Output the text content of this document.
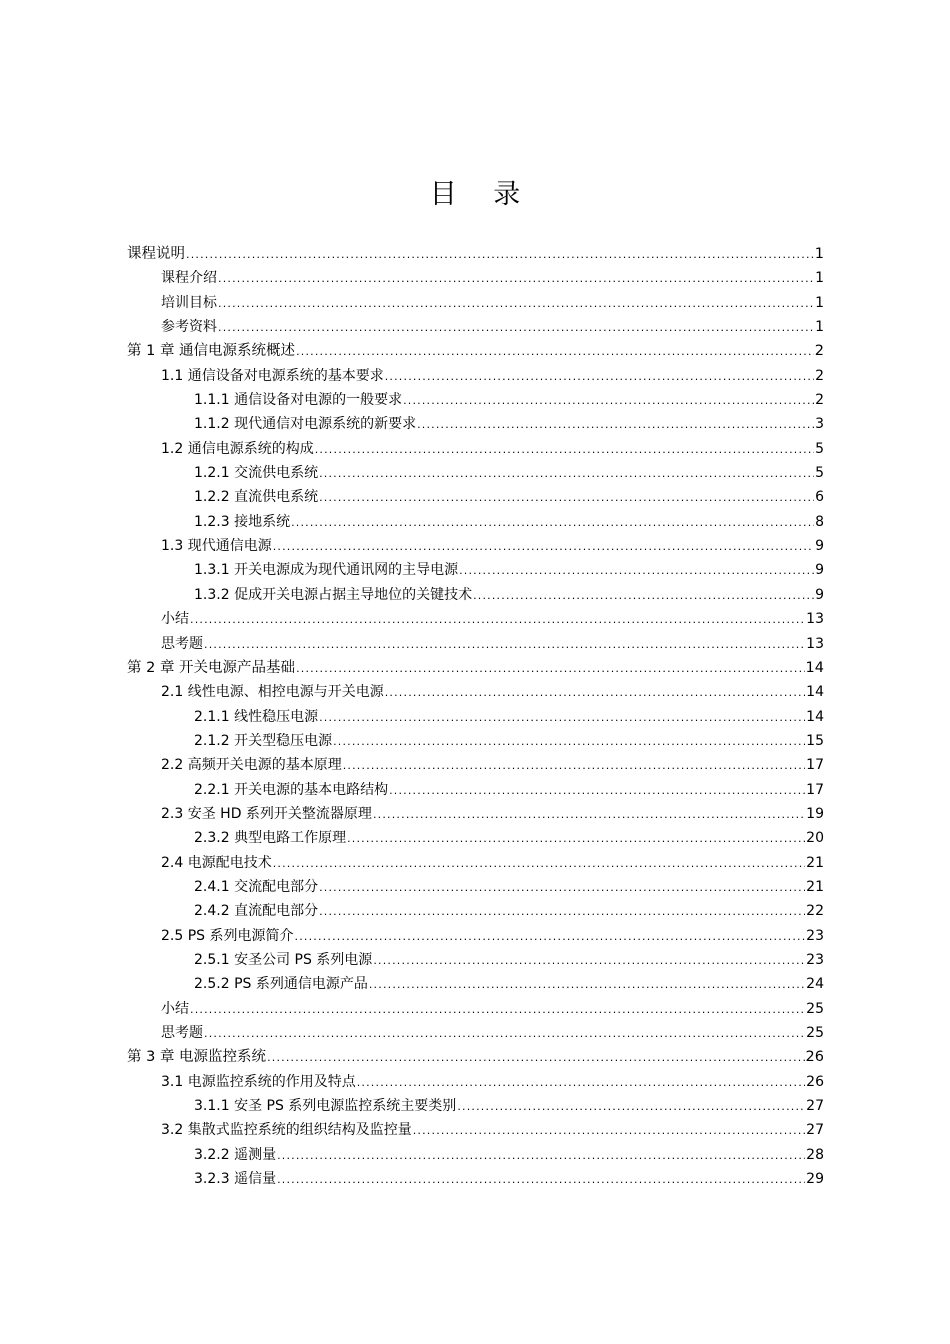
目 录
课程说明 .....	1
课程介绍 .....	1
培训目标 .....	1
参考资料 .....	1
第 1 章 通信电源系统概述 .....	2
1.1 通信设备对电源系统的基本要求 .....	2
1.1.1 通信设备对电源的一般要求 .....	2
1.1.2 现代通信对电源系统的新要求 .....	3
1.2 通信电源系统的构成 .....	5
1.2.1 交流供电系统 .....	5
1.2.2 直流供电系统 .....	6
1.2.3 接地系统 .....	8
1.3 现代通信电源 .....	9
1.3.1 开关电源成为现代通讯网的主导电源 .....	9
1.3.2 促成开关电源占据主导地位的关键技术 .....	9
小结 .....	13
思考题 .....	13
第 2 章 开关电源产品基础 .....	14
2.1 线性电源、相控电源与开关电源 .....	14
2.1.1 线性稳压电源 .....	14
2.1.2 开关型稳压电源 .....	15
2.2 高频开关电源的基本原理 .....	17
2.2.1 开关电源的基本电路结构 .....	17
2.3 安圣 HD 系列开关整流器原理 .....	19
2.3.2 典型电路工作原理 .....	20
2.4 电源配电技术 .....	21
2.4.1 交流配电部分 .....	21
2.4.2 直流配电部分 .....	22
2.5 PS 系列电源简介 .....	23
2.5.1 安圣公司 PS 系列电源 .....	23
2.5.2 PS 系列通信电源产品 .....	24
小结 .....	25
思考题 .....	25
第 3 章 电源监控系统 .....	26
3.1 电源监控系统的作用及特点 .....	26
3.1.1 安圣 PS 系列电源监控系统主要类别 .....	27
3.2 集散式监控系统的组织结构及监控量 .....	27
3.2.2 遥测量 .....	28
3.2.3 遥信量 .....	29
